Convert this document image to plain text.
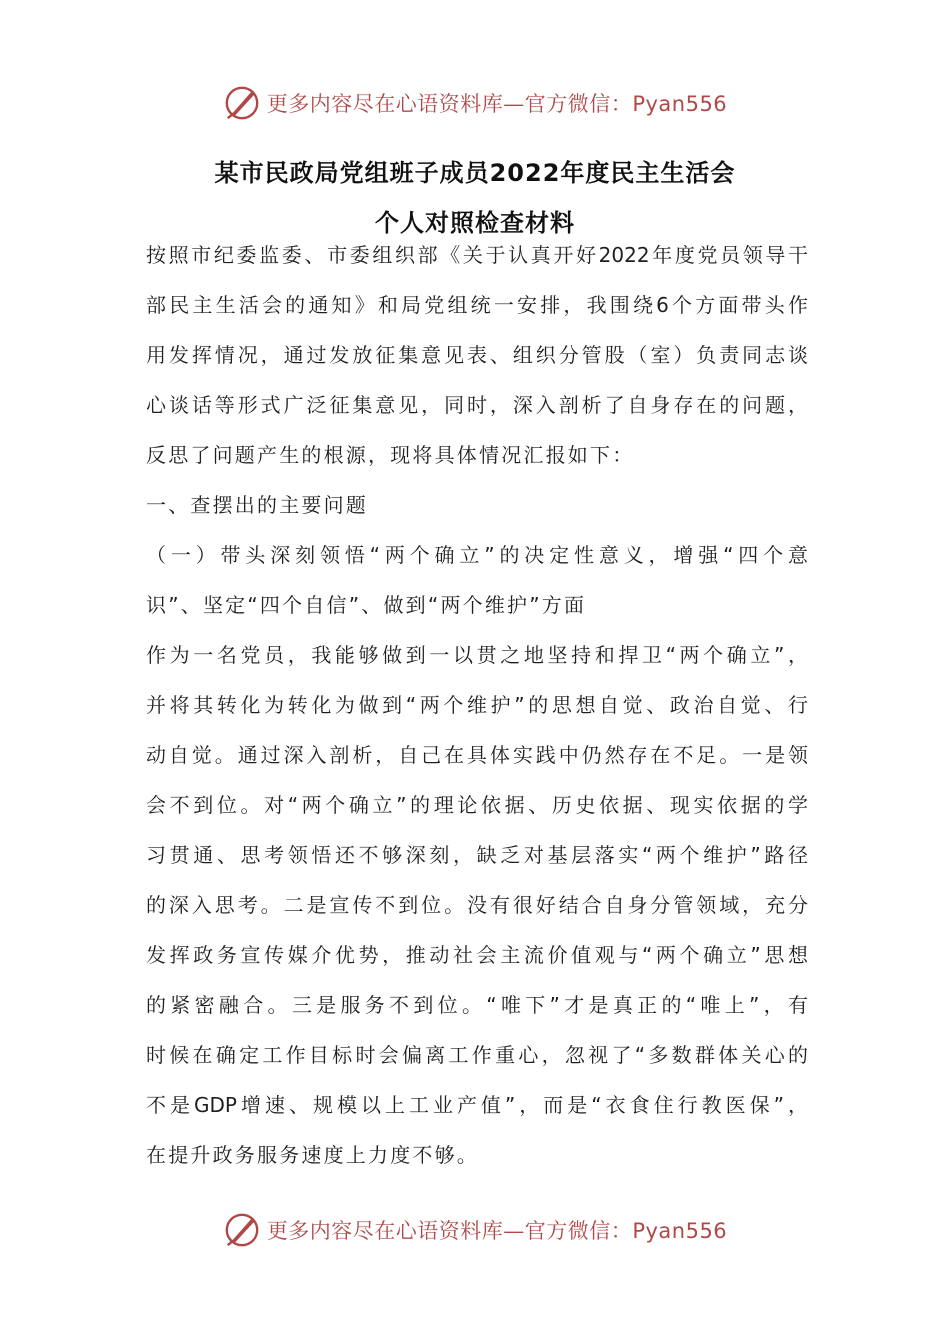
更多内容尽在心语资料库—官方微信：Pyan556
某市民政局党组班子成员2022年度民主生活会
个人对照检查材料
按照市纪委监委、市委组织部《关于认真开好2022年度党员领导干
部民主生活会的通知》和局党组统一安排，我围绕6个方面带头作
用发挥情况，通过发放征集意见表、组织分管股（室）负责同志谈
心谈话等形式广泛征集意见，同时，深入剖析了自身存在的问题，
反思了问题产生的根源，现将具体情况汇报如下：
一、查摆出的主要问题
（一）带头深刻领悟“两个确立”的决定性意义，增强“四个意
识”、坚定“四个自信”、做到“两个维护”方面
作为一名党员，我能够做到一以贯之地坚持和捍卫“两个确立”，
并将其转化为转化为做到“两个维护”的思想自觉、政治自觉、行
动自觉。通过深入剖析，自己在具体实践中仍然存在不足。一是领
会不到位。对“两个确立”的理论依据、历史依据、现实依据的学
习贯通、思考领悟还不够深刻，缺乏对基层落实“两个维护”路径
的深入思考。二是宣传不到位。没有很好结合自身分管领域，充分
发挥政务宣传媒介优势，推动社会主流价值观与“两个确立”思想
的紧密融合。三是服务不到位。“唯下”才是真正的“唯上”，有
时候在确定工作目标时会偏离工作重心，忽视了“多数群体关心的
不是GDP增速、规模以上工业产值”，而是“衣食住行教医保”，
在提升政务服务速度上力度不够。
更多内容尽在心语资料库—官方微信：Pyan556
